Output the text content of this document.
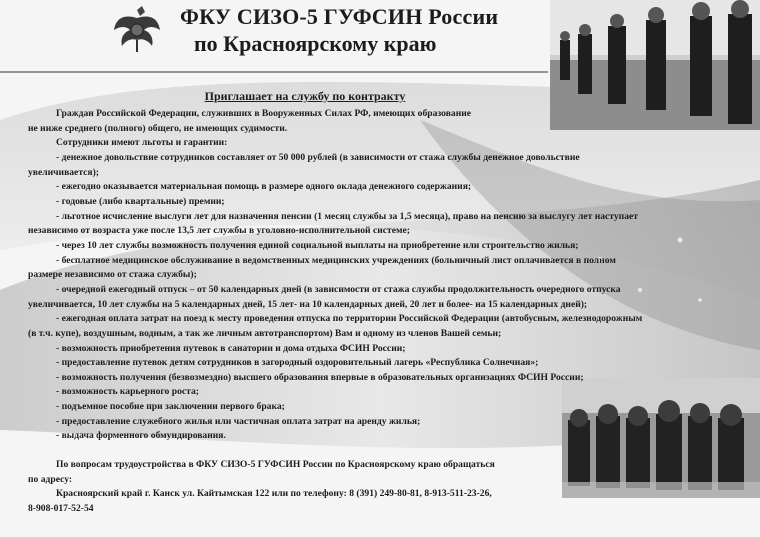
ФКУ СИЗО-5 ГУФСИН России
по Красноярскому краю
Приглашает на службу по контракту

Граждан Российской Федерации, служивших в Вооруженных Силах РФ, имеющих образование

не ниже среднего (полного) общего, не имеющих судимости.

Сотрудники имеют льготы и гарантии:

- денежное довольствие сотрудников составляет от 50 000 рублей (в зависимости от стажа службы денежное довольствие

увеличивается);

- ежегодно оказывается материальная помощь в размере одного оклада денежного содержания;

- годовые (либо квартальные) премии;

- льготное исчисление выслуги лет для назначения пенсии (1 месяц службы за 1,5 месяца), право на пенсию за выслугу лет наступает

независимо от возраста уже после 13,5 лет службы в уголовно-исполнительной системе;

- через 10 лет службы возможность получения единой социальной выплаты на приобретение или строительство жилья;

- бесплатное медицинское обслуживание в ведомственных медицинских учреждениях (больничный лист оплачивается в полном

размере независимо от стажа службы);

- очередной ежегодный отпуск – от 50 календарных дней (в зависимости от стажа службы продолжительность очередного отпуска

увеличивается, 10 лет службы на 5 календарных дней, 15 лет- на 10 календарных дней, 20 лет и более- на 15 календарных дней);

- ежегодная оплата затрат на поезд к месту проведения отпуска по территории Российской Федерации (автобусным, железнодорожным

(в т.ч. купе), воздушным, водным, а так же личным автотранспортом) Вам и одному из членов Вашей семьи;

- возможность приобретения путевок в санатории и дома отдыха ФСИН России;

- предоставление путевок детям сотрудников в загородный оздоровительный лагерь «Республика Солнечная»;

- возможность получения (безвозмездно) высшего образования впервые в образовательных организациях ФСИН России;

- возможность карьерного роста;

- подъемное пособие при заключении первого брака;

- предоставление служебного жилья или частичная оплата затрат на аренду жилья;

- выдача форменного обмундирования.

По вопросам трудоустройства в ФКУ СИЗО-5 ГУФСИН России по Красноярскому краю обращаться

по адресу:

Красноярский край г. Канск ул. Кайтымская 122 или по телефону: 8 (391) 249-80-81, 8-913-511-23-26,

8-908-017-52-54
